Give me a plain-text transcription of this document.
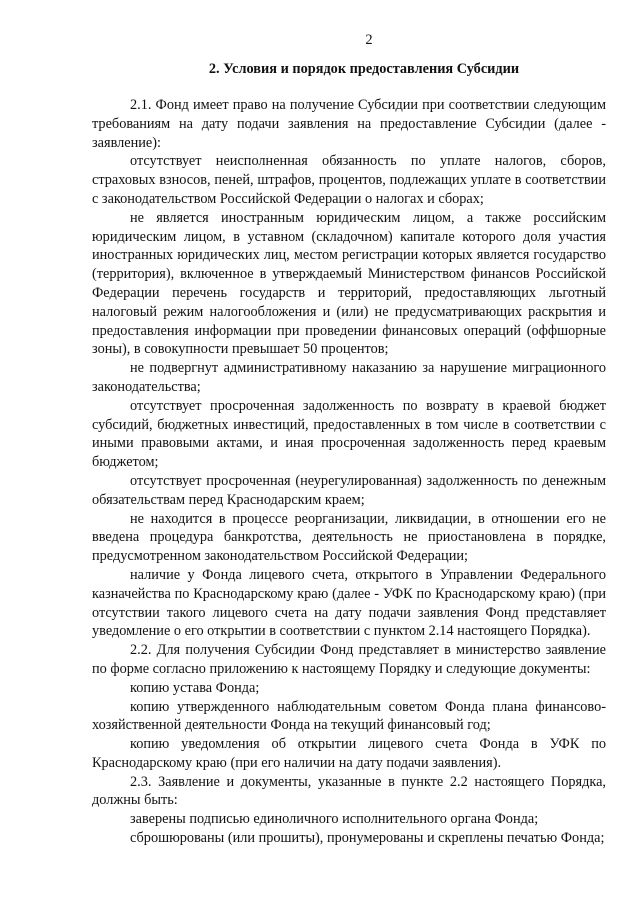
2
2. Условия и порядок предоставления Субсидии

2.1. Фонд имеет право на получение Субсидии при соответствии следующим требованиям на дату подачи заявления на предоставление Субсидии (далее - заявление):

отсутствует неисполненная обязанность по уплате налогов, сборов, страховых взносов, пеней, штрафов, процентов, подлежащих уплате в соответствии с законодательством Российской Федерации о налогах и сборах;

не является иностранным юридическим лицом, а также российским юридическим лицом, в уставном (складочном) капитале которого доля участия иностранных юридических лиц, местом регистрации которых является государство (территория), включенное в утверждаемый Министерством финансов Российской Федерации перечень государств и территорий, предоставляющих льготный налоговый режим налогообложения и (или) не предусматривающих раскрытия и предоставления информации при проведении финансовых операций (оффшорные зоны), в совокупности превышает 50 процентов;

не подвергнут административному наказанию за нарушение миграционного законодательства;

отсутствует просроченная задолженность по возврату в краевой бюджет субсидий, бюджетных инвестиций, предоставленных в том числе в соответствии с иными правовыми актами, и иная просроченная задолженность перед краевым бюджетом;

отсутствует просроченная (неурегулированная) задолженность по денежным обязательствам перед Краснодарским краем;

не находится в процессе реорганизации, ликвидации, в отношении его не введена процедура банкротства, деятельность не приостановлена в порядке, предусмотренном законодательством Российской Федерации;

наличие у Фонда лицевого счета, открытого в Управлении Федерального казначейства по Краснодарскому краю (далее - УФК по Краснодарскому краю) (при отсутствии такого лицевого счета на дату подачи заявления Фонд представляет уведомление о его открытии в соответствии с пунктом 2.14 настоящего Порядка).

2.2. Для получения Субсидии Фонд представляет в министерство заявление по форме согласно приложению к настоящему Порядку и следующие документы:

копию устава Фонда;

копию утвержденного наблюдательным советом Фонда плана финансово-хозяйственной деятельности Фонда на текущий финансовый год;

копию уведомления об открытии лицевого счета Фонда в УФК по Краснодарскому краю (при его наличии на дату подачи заявления).

2.3. Заявление и документы, указанные в пункте 2.2 настоящего Порядка, должны быть:

заверены подписью единоличного исполнительного органа Фонда;

сброшюрованы (или прошиты), пронумерованы и скреплены печатью Фонда;
